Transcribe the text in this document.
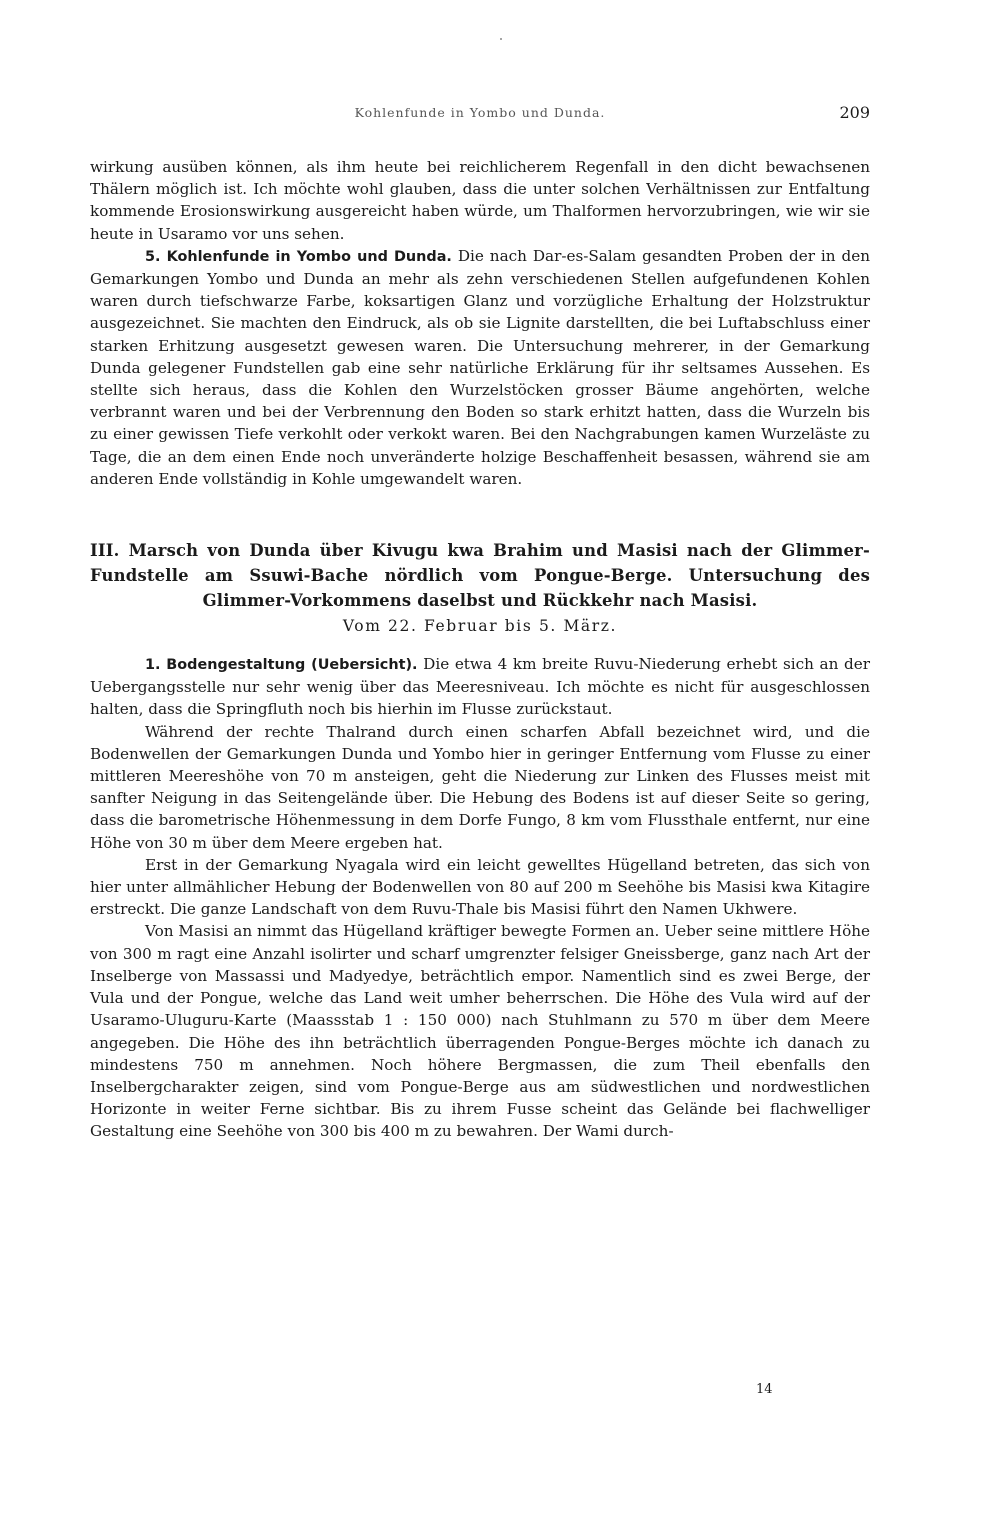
Kohlenfunde in Yombo und Dunda.	209

wirkung ausüben können, als ihm heute bei reichlicherem Regenfall in den dicht bewachsenen Thälern möglich ist. Ich möchte wohl glauben, dass die unter solchen Verhältnissen zur Entfaltung kommende Erosionswirkung ausgereicht haben würde, um Thalformen hervorzubringen, wie wir sie heute in Usaramo vor uns sehen.

5. Kohlenfunde in Yombo und Dunda. Die nach Dar-es-Salam gesandten Proben der in den Gemarkungen Yombo und Dunda an mehr als zehn verschiedenen Stellen aufgefundenen Kohlen waren durch tiefschwarze Farbe, koksartigen Glanz und vorzügliche Erhaltung der Holzstruktur ausgezeichnet. Sie machten den Eindruck, als ob sie Lignite darstellten, die bei Luftabschluss einer starken Erhitzung ausgesetzt gewesen waren. Die Untersuchung mehrerer, in der Gemarkung Dunda gelegener Fundstellen gab eine sehr natürliche Erklärung für ihr seltsames Aussehen. Es stellte sich heraus, dass die Kohlen den Wurzelstöcken grosser Bäume angehörten, welche verbrannt waren und bei der Verbrennung den Boden so stark erhitzt hatten, dass die Wurzeln bis zu einer gewissen Tiefe verkohlt oder verkokt waren. Bei den Nachgrabungen kamen Wurzeläste zu Tage, die an dem einen Ende noch unveränderte holzige Beschaffenheit besassen, während sie am anderen Ende vollständig in Kohle umgewandelt waren.

III. Marsch von Dunda über Kivugu kwa Brahim und Masisi nach der Glimmer-Fundstelle am Ssuwi-Bache nördlich vom Pongue-Berge. Untersuchung des Glimmer-Vorkommens daselbst und Rückkehr nach Masisi.
Vom 22. Februar bis 5. März.

1. Bodengestaltung (Uebersicht). Die etwa 4 km breite Ruvu-Niederung erhebt sich an der Uebergangsstelle nur sehr wenig über das Meeresniveau. Ich möchte es nicht für ausgeschlossen halten, dass die Springfluth noch bis hierhin im Flusse zurückstaut.

Während der rechte Thalrand durch einen scharfen Abfall bezeichnet wird, und die Bodenwellen der Gemarkungen Dunda und Yombo hier in geringer Entfernung vom Flusse zu einer mittleren Meereshöhe von 70 m ansteigen, geht die Niederung zur Linken des Flusses meist mit sanfter Neigung in das Seitengelände über. Die Hebung des Bodens ist auf dieser Seite so gering, dass die barometrische Höhenmessung in dem Dorfe Fungo, 8 km vom Flussthale entfernt, nur eine Höhe von 30 m über dem Meere ergeben hat.

Erst in der Gemarkung Nyagala wird ein leicht gewelltes Hügelland betreten, das sich von hier unter allmählicher Hebung der Bodenwellen von 80 auf 200 m Seehöhe bis Masisi kwa Kitagire erstreckt. Die ganze Landschaft von dem Ruvu-Thale bis Masisi führt den Namen Ukhwere.

Von Masisi an nimmt das Hügelland kräftiger bewegte Formen an. Ueber seine mittlere Höhe von 300 m ragt eine Anzahl isolirter und scharf umgrenzter felsiger Gneissberge, ganz nach Art der Inselberge von Massassi und Madyedye, beträchtlich empor. Namentlich sind es zwei Berge, der Vula und der Pongue, welche das Land weit umher beherrschen. Die Höhe des Vula wird auf der Usaramo-Uluguru-Karte (Maassstab 1 : 150 000) nach Stuhlmann zu 570 m über dem Meere angegeben. Die Höhe des ihn beträchtlich überragenden Pongue-Berges möchte ich danach zu mindestens 750 m annehmen. Noch höhere Bergmassen, die zum Theil ebenfalls den Inselbergcharakter zeigen, sind vom Pongue-Berge aus am südwestlichen und nordwestlichen Horizonte in weiter Ferne sichtbar. Bis zu ihrem Fusse scheint das Gelände bei flachwelliger Gestaltung eine Seehöhe von 300 bis 400 m zu bewahren. Der Wami durch-

14
